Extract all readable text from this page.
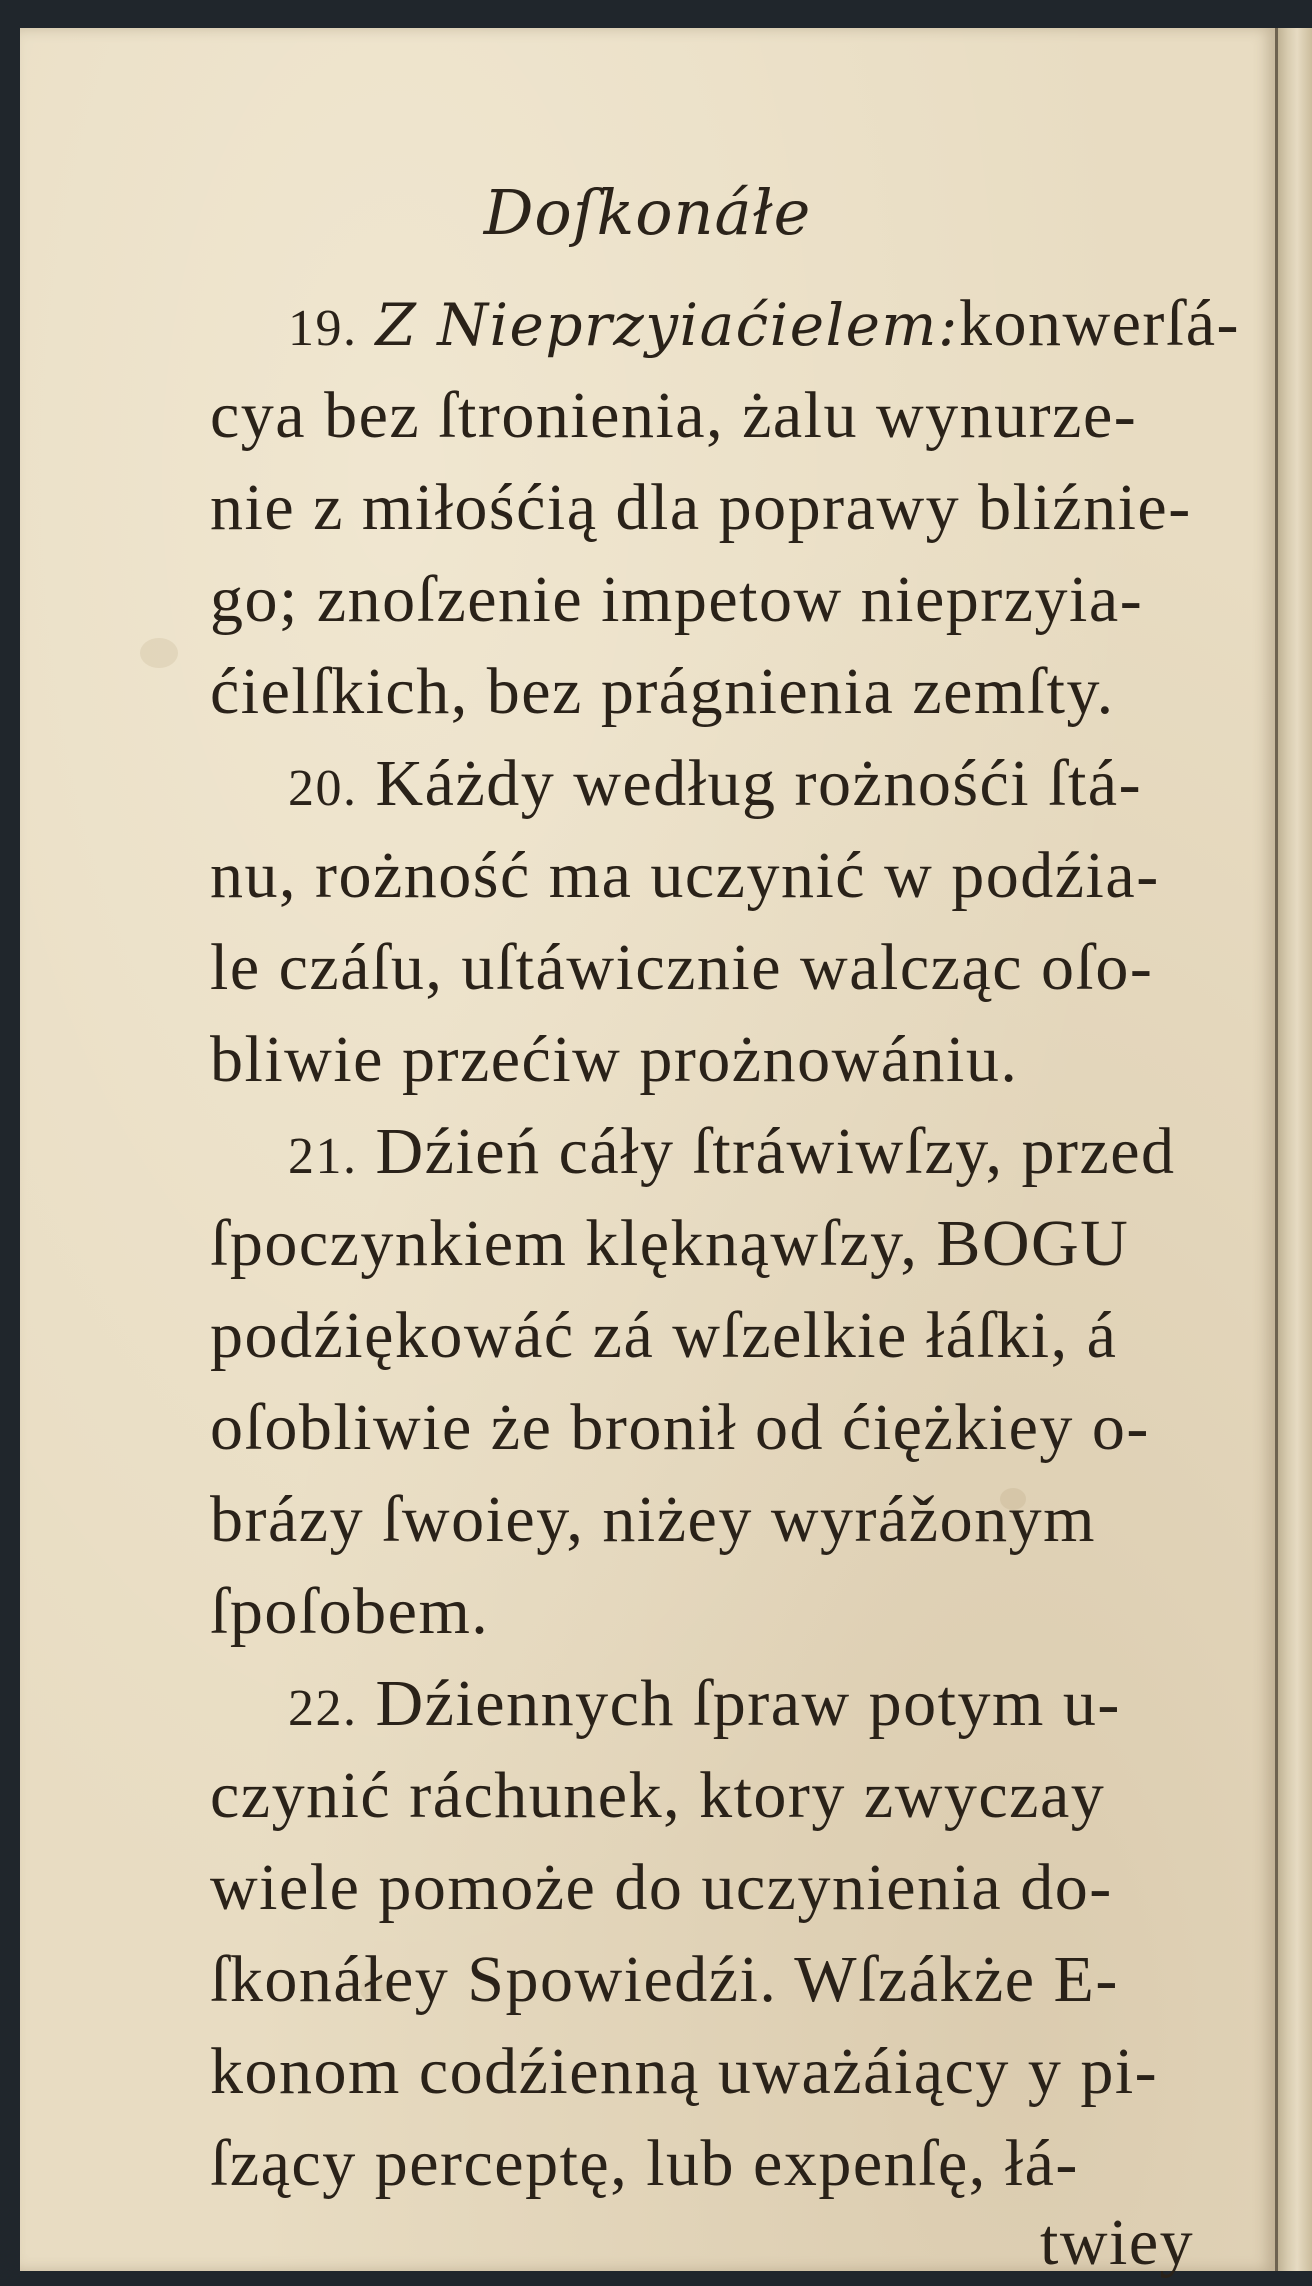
Doſkonáłe
19. Z Nieprzyiaćielem:konwerſá-
cya bez ſtronienia, żalu wynurze-
nie z miłośćią dla poprawy bliźnie-
go; znoſzenie impetow nieprzyia-
ćielſkich, bez prágnienia zemſty.
20. Káżdy według rożnośći ſtá-
nu, rożność ma uczynić w podźia-
le czáſu, uſtáwicznie walcząc oſo-
bliwie przećiw prożnowániu.
21. Dźień cáły ſtráwiwſzy, przed
ſpoczynkiem klęknąwſzy, BOGU
podźiękowáć zá wſzelkie łáſki, á
oſobliwie że bronił od ćiężkiey o-
brázy ſwoiey, niżey wyrážonym
ſpoſobem.
22. Dźiennych ſpraw potym u-
czynić ráchunek, ktory zwyczay
wiele pomoże do uczynienia do-
ſkonáłey Spowiedźi. Wſzákże E-
konom codźienną uważáiący y pi-
ſzący perceptę, lub expenſę, łá-
twiey
